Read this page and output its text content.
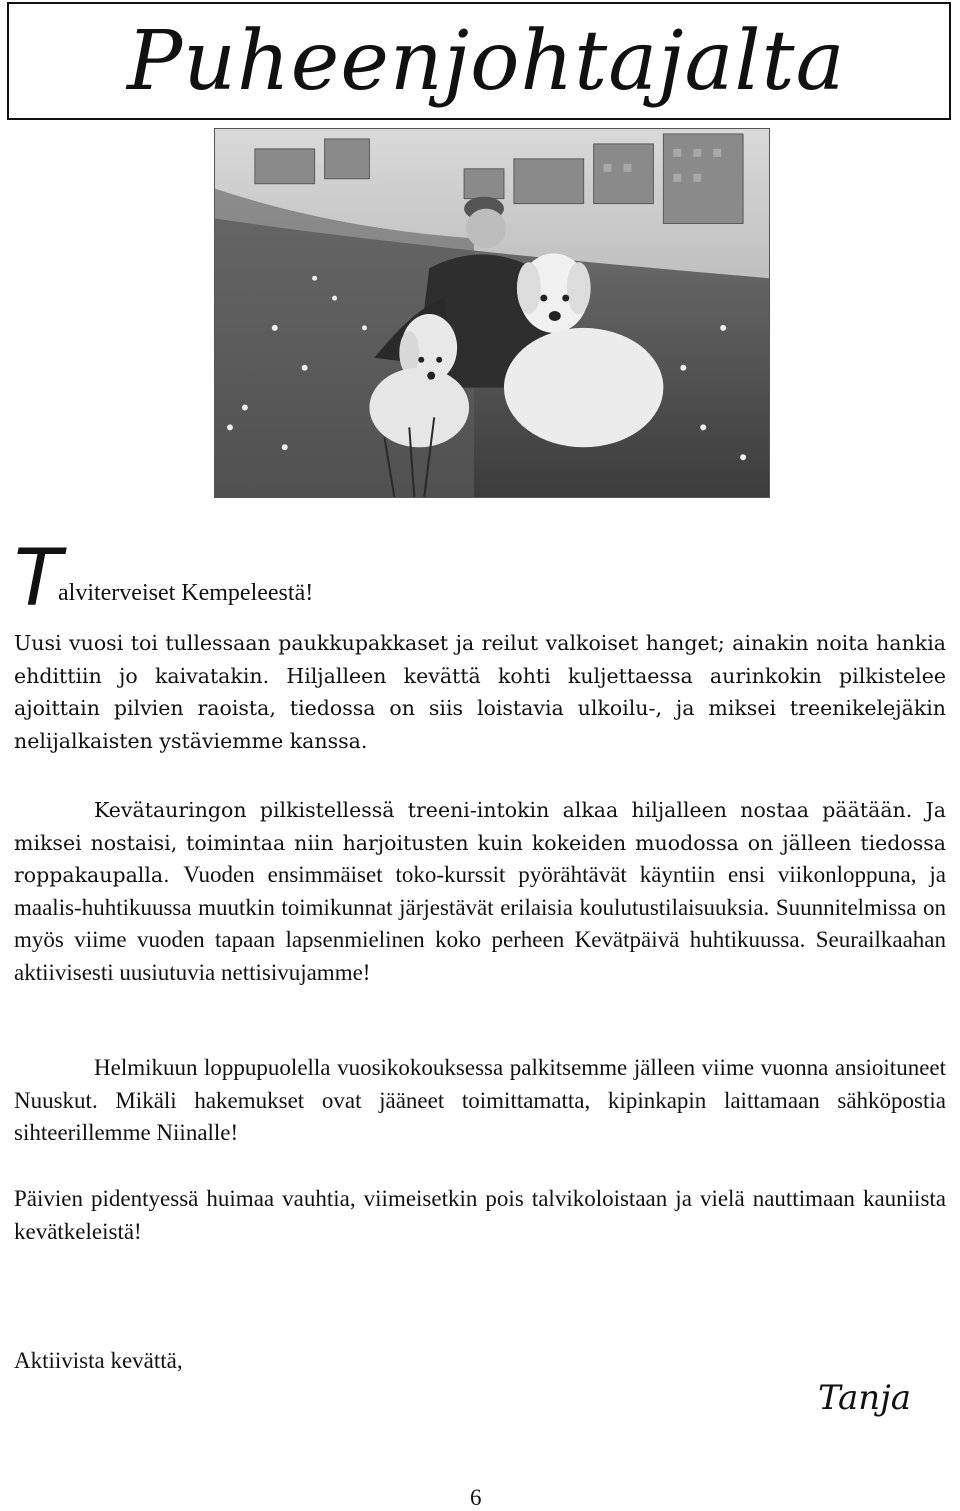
Puheenjohtajalta
T
alviterveiset Kempeleestä!

Uusi vuosi toi tullessaan paukkupakkaset ja reilut valkoiset hanget; ainakin noita hankia ehdittiin jo kaivatakin. Hiljalleen kevättä kohti kuljettaessa aurinkokin pilkistelee ajoittain pilvien raoista, tiedossa on siis loistavia ulkoilu-, ja miksei treenikelejäkin nelijalkaisten ystäviemme kanssa.

Kevätauringon pilkistellessä treeni-intokin alkaa hiljalleen nostaa päätään. Ja miksei nostaisi, toimintaa niin harjoitusten kuin kokeiden muodossa on jälleen tiedossa roppakaupalla. Vuoden ensimmäiset toko-kurssit pyörähtävät käyntiin ensi viikonloppuna, ja maalis-huhtikuussa muutkin toimikunnat järjestävät erilaisia koulutustilaisuuksia. Suunnitelmissa on myös viime vuoden tapaan lapsenmielinen koko perheen Kevätpäivä huhtikuussa. Seurailkaahan aktiivisesti uusiutuvia nettisivujamme!

Helmikuun loppupuolella vuosikokouksessa palkitsemme jälleen viime vuonna ansioituneet Nuuskut. Mikäli hakemukset ovat jääneet toimittamatta, kipinkapin laittamaan sähköpostia sihteerillemme Niinalle!

Päivien pidentyessä huimaa vauhtia, viimeisetkin pois talvikoloistaan ja vielä nauttimaan kauniista kevätkeleistä!

Aktiivista kevättä,
Tanja
6
